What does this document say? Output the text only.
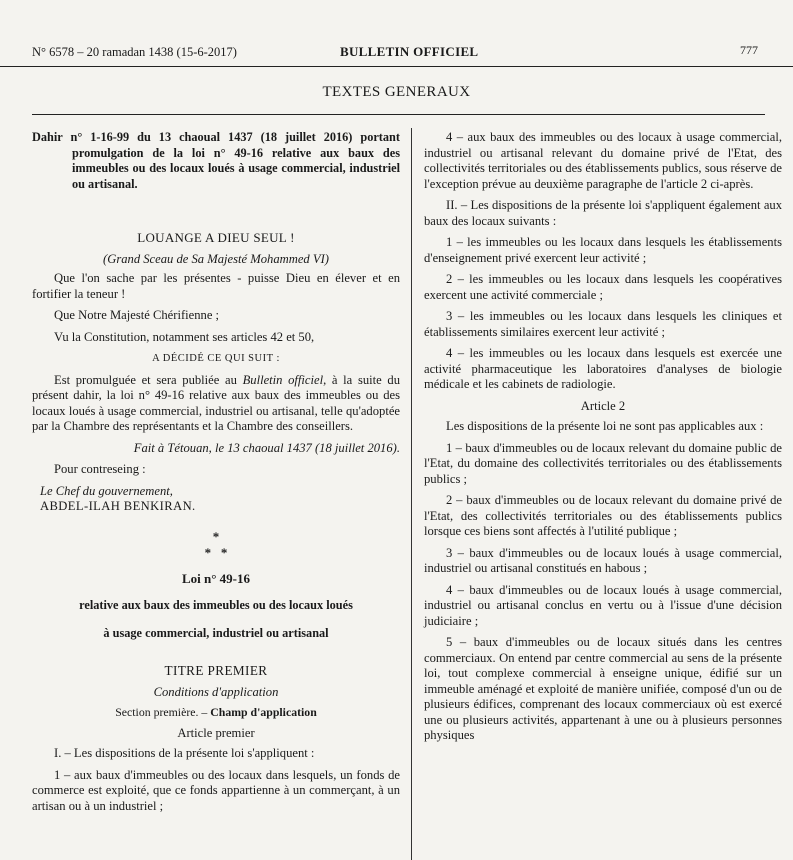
N° 6578 – 20 ramadan 1438 (15-6-2017)	BULLETIN OFFICIEL	777
TEXTES GENERAUX

Dahir n° 1-16-99 du 13 chaoual 1437 (18 juillet 2016) portant promulgation de la loi n° 49-16 relative aux baux des immeubles ou des locaux loués à usage commercial, industriel ou artisanal.

LOUANGE A DIEU SEUL !

(Grand Sceau de Sa Majesté Mohammed VI)

Que l'on sache par les présentes - puisse Dieu en élever et en fortifier la teneur !

Que Notre Majesté Chérifienne ;

Vu la Constitution, notamment ses articles 42 et 50,

A DÉCIDÉ CE QUI SUIT :

Est promulguée et sera publiée au Bulletin officiel, à la suite du présent dahir, la loi n° 49-16 relative aux baux des immeubles ou des locaux loués à usage commercial, industriel ou artisanal, telle qu'adoptée par la Chambre des représentants et la Chambre des conseillers.

Fait à Tétouan, le 13 chaoual 1437 (18 juillet 2016).

Pour contreseing :

Le Chef du gouvernement,
ABDEL-ILAH BENKIRAN.
*
*   *

Loi n° 49-16

relative aux baux des immeubles ou des locaux loués

à usage commercial, industriel ou artisanal

TITRE PREMIER

Conditions d'application

Section première. – Champ d'application

Article premier

I. – Les dispositions de la présente loi s'appliquent :

1 – aux baux d'immeubles ou des locaux dans lesquels, un fonds de commerce est exploité, que ce fonds appartienne à un commerçant, à un artisan ou à un industriel ;

4 – aux baux des immeubles ou des locaux à usage commercial, industriel ou artisanal relevant du domaine privé de l'Etat, des collectivités territoriales ou des établissements publics, sous réserve de l'exception prévue au deuxième paragraphe de l'article 2 ci-après.

II. – Les dispositions de la présente loi s'appliquent également aux baux des locaux suivants :

1 – les immeubles ou les locaux dans lesquels les établissements d'enseignement privé exercent leur activité ;

2 – les immeubles ou les locaux dans lesquels les coopératives exercent une activité commerciale ;

3 – les immeubles ou les locaux dans lesquels les cliniques et établissements similaires exercent leur activité ;

4 – les immeubles ou les locaux dans lesquels est exercée une activité pharmaceutique les laboratoires d'analyses de biologie médicale et les cabinets de radiologie.

Article 2

Les dispositions de la présente loi ne sont pas applicables aux :

1 – baux d'immeubles ou de locaux relevant du domaine public de l'Etat, du domaine des collectivités territoriales ou des établissements publics ;

2 – baux d'immeubles ou de locaux relevant du domaine privé de l'Etat, des collectivités territoriales ou des établissements publics lorsque ces biens sont affectés à l'utilité publique ;

3 – baux d'immeubles ou de locaux loués à usage commercial, industriel ou artisanal constitués en habous ;

4 – baux d'immeubles ou de locaux loués à usage commercial, industriel ou artisanal conclus en vertu ou à l'issue d'une décision judiciaire ;

5 – baux d'immeubles ou de locaux situés dans les centres commerciaux. On entend par centre commercial au sens de la présente loi, tout complexe commercial à enseigne unique, édifié sur un immeuble aménagé et exploité de manière unifiée, composé d'un ou de plusieurs édifices, comprenant des locaux commerciaux où est exercé une ou plusieurs activités, appartenant à une ou à plusieurs personnes physiques
